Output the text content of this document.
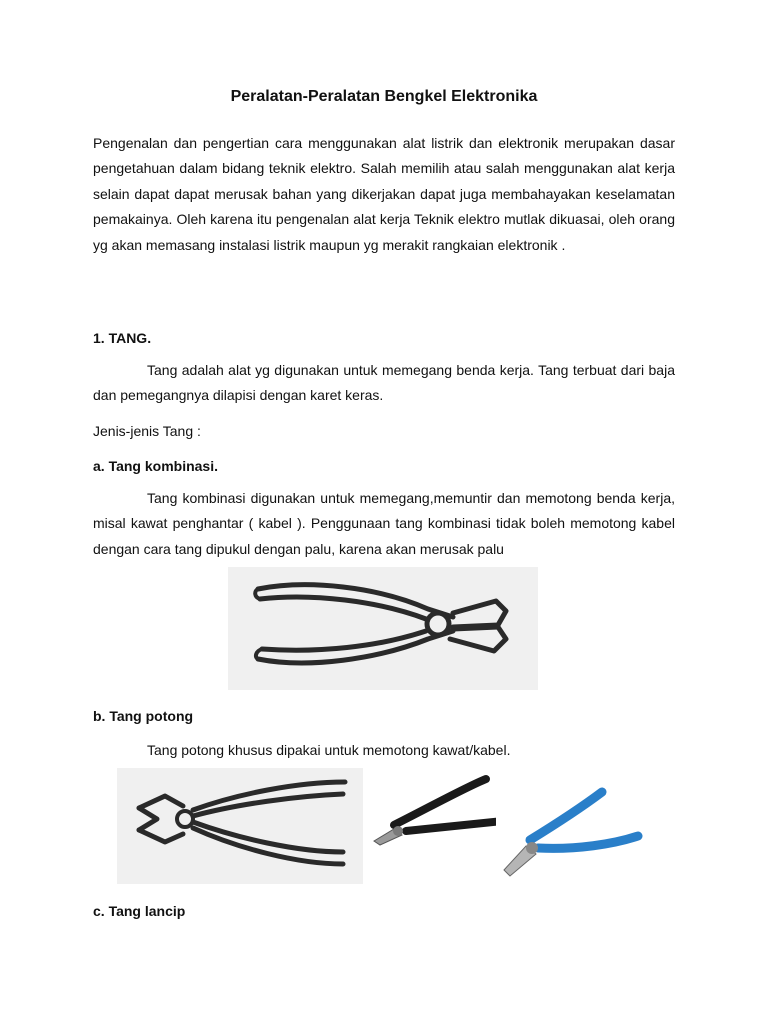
Peralatan-Peralatan Bengkel Elektronika

Pengenalan dan pengertian cara menggunakan alat listrik dan elektronik merupakan dasar pengetahuan dalam bidang teknik elektro. Salah memilih atau salah menggunakan alat kerja selain dapat dapat merusak bahan yang dikerjakan dapat juga membahayakan keselamatan pemakainya. Oleh karena itu pengenalan alat kerja Teknik elektro mutlak dikuasai, oleh orang yg akan memasang instalasi listrik maupun yg merakit rangkaian elektronik .

1. TANG.

Tang adalah alat yg digunakan untuk memegang benda kerja. Tang terbuat dari baja dan pemegangnya dilapisi dengan karet keras.

Jenis-jenis Tang :

a. Tang kombinasi.

Tang kombinasi digunakan untuk memegang,memuntir dan memotong benda kerja, misal kawat penghantar ( kabel ). Penggunaan tang kombinasi tidak boleh memotong kabel dengan cara tang dipukul dengan palu, karena akan merusak palu

b. Tang potong

Tang potong khusus dipakai untuk memotong kawat/kabel.

c. Tang lancip
